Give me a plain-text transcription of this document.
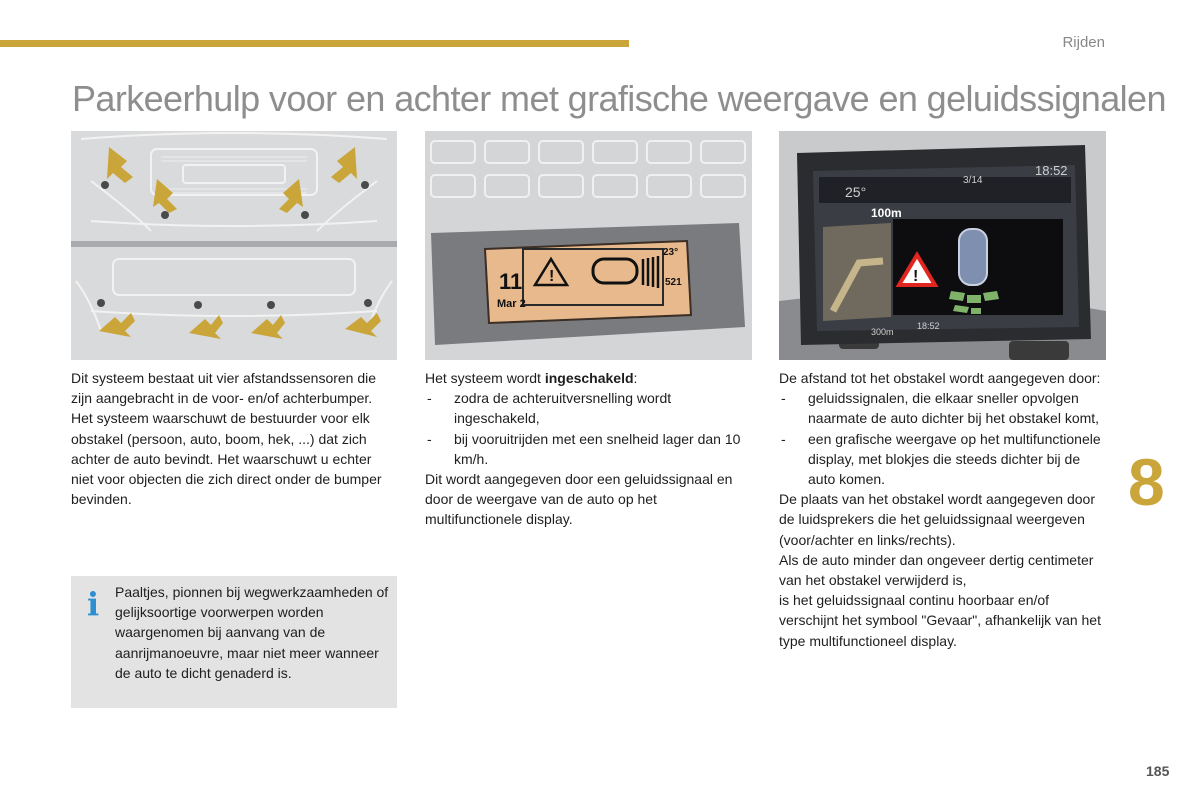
Rijden
Parkeerhulp voor en achter met grafische weergave en geluidssignalen
!
11
Mar 2
23°
521	!
25°
3/14
18:52
100m
300m
18:52

Dit systeem bestaat uit vier afstandssensoren die zijn aangebracht in de voor- en/of achterbumper.

Het systeem waarschuwt de bestuurder voor elk obstakel (persoon, auto, boom, hek, ...) dat zich achter de auto bevindt. Het waarschuwt u echter niet voor objecten die zich direct onder de bumper bevinden.

Het systeem wordt ingeschakeld:

- zodra de achteruitversnelling wordt ingeschakeld,
- bij vooruitrijden met een snelheid lager dan 10 km/h.

Dit wordt aangegeven door een geluidssignaal en door de weergave van de auto op het multifunctionele display.

De afstand tot het obstakel wordt aangegeven door:

- geluidssignalen, die elkaar sneller opvolgen naarmate de auto dichter bij het obstakel komt,
- een grafische weergave op het multifunctionele display, met blokjes die steeds dichter bij de auto komen.

De plaats van het obstakel wordt aangegeven door de luidsprekers die het geluidssignaal weergeven (voor/achter en links/rechts).

Als de auto minder dan ongeveer dertig centimeter van het obstakel verwijderd is,

is het geluidssignaal continu hoorbaar en/of verschijnt het symbool "Gevaar", afhankelijk van het type multifunctioneel display.

i Paaltjes, pionnen bij wegwerkzaamheden of gelijksoortige voorwerpen worden waargenomen bij aanvang van de aanrijmanoeuvre, maar niet meer wanneer de auto te dicht genaderd is.
8
185
